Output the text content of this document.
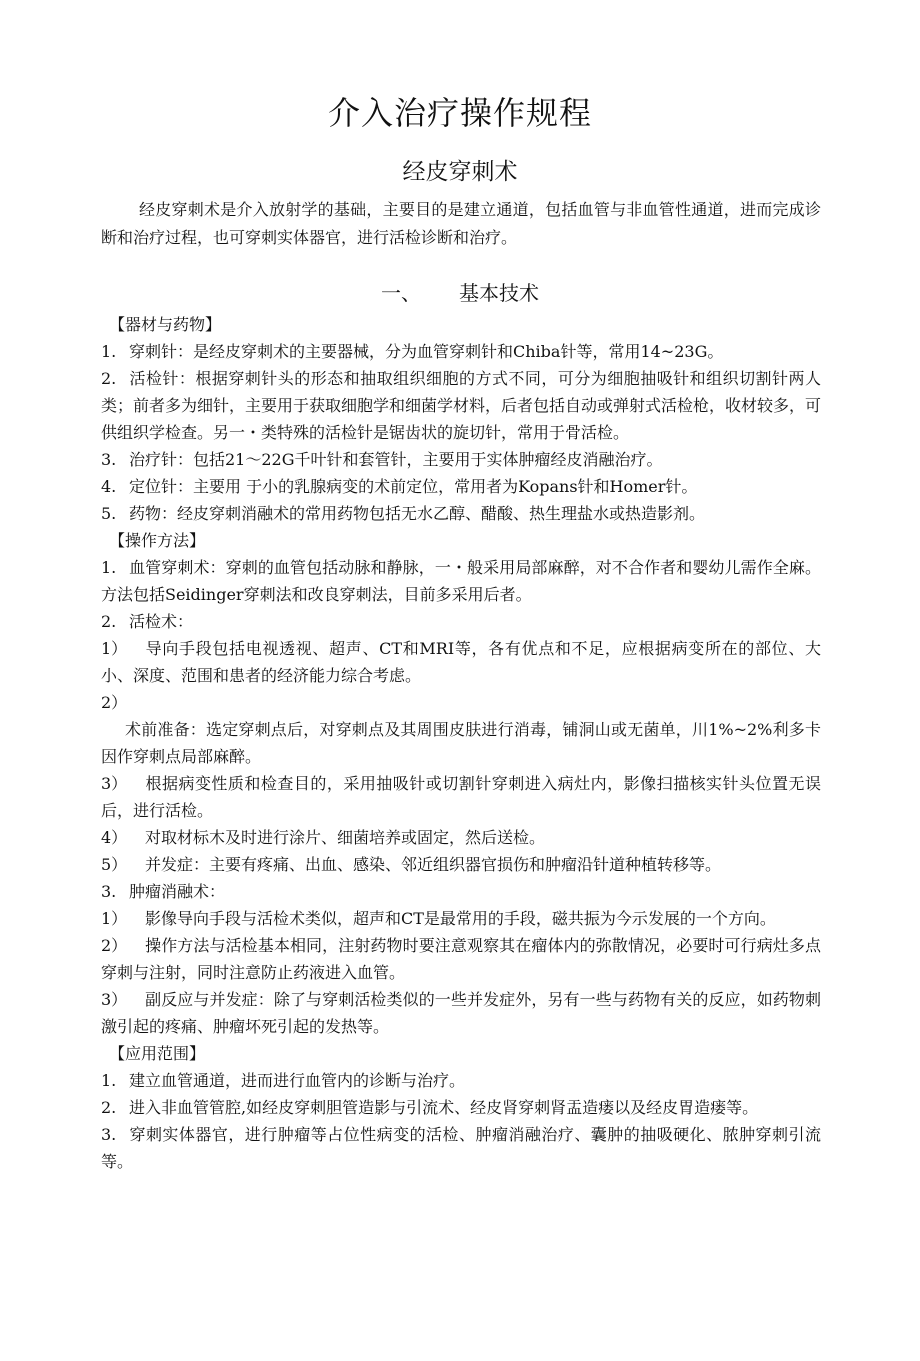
介入治疗操作规程
经皮穿刺术
经皮穿刺术是介入放射学的基础，主要目的是建立通道，包括血管与非血管性通道，进而完成诊断和治疗过程，也可穿刺实体器官，进行活检诊断和治疗。
一、 基本技术

【器材与药物】

1. 穿刺针：是经皮穿刺术的主要器械，分为血管穿刺针和Chiba针等，常用14~23G。

2. 活检针：根据穿刺针头的形态和抽取组织细胞的方式不同，可分为细胞抽吸针和组织切割针两人类；前者多为细针，主要用于获取细胞学和细菌学材料，后者包括自动或弹射式活检枪，收材较多，可供组织学检查。另一・类特殊的活检针是锯齿状的旋切针，常用于骨活检。

3. 治疗针：包括21～22G千叶针和套管针，主要用于实体肿瘤经皮消融治疗。

4. 定位针：主要用 于小的乳腺病变的术前定位，常用者为Kopans针和Homer针。

5. 药物：经皮穿刺消融术的常用药物包括无水乙醇、醋酸、热生理盐水或热造影剂。

【操作方法】

1. 血管穿刺术：穿刺的血管包括动脉和静脉，一・般采用局部麻醉，对不合作者和婴幼儿需作全麻。方法包括Seidinger穿刺法和改良穿刺法，目前多采用后者。

2. 活检术：

1） 导向手段包括电视透视、超声、CT和MRI等，各有优点和不足，应根据病变所在的部位、大小、深度、范围和患者的经济能力综合考虑。

2）

术前准备：选定穿刺点后，对穿刺点及其周围皮肤进行消毒，铺洞山或无菌单，川1%~2%利多卡因作穿刺点局部麻醉。

3） 根据病变性质和检查目的，采用抽吸针或切割针穿刺进入病灶内，影像扫描核实针头位置无误后，进行活检。

4） 对取材标木及时进行涂片、细菌培养或固定，然后送检。

5） 并发症：主要有疼痛、出血、感染、邻近组织器官损伤和肿瘤沿针道种植转移等。

3. 肿瘤消融术：

1） 影像导向手段与活检术类似，超声和CT是最常用的手段，磁共振为今示发展的一个方向。

2） 操作方法与活检基本相同，注射药物时要注意观察其在瘤体内的弥散情况，必要时可行病灶多点穿刺与注射，同时注意防止药液进入血管。

3） 副反应与并发症：除了与穿刺活检类似的一些并发症外，另有一些与药物有关的反应，如药物刺激引起的疼痛、肿瘤坏死引起的发热等。

【应用范围】

1. 建立血管通道，进而进行血管内的诊断与治疗。

2. 进入非血管管腔,如经皮穿刺胆管造影与引流术、经皮肾穿刺肾盂造瘘以及经皮胃造瘘等。

3. 穿刺实体器官，进行肿瘤等占位性病变的活检、肿瘤消融治疗、囊肿的抽吸硬化、脓肿穿刺引流等。
